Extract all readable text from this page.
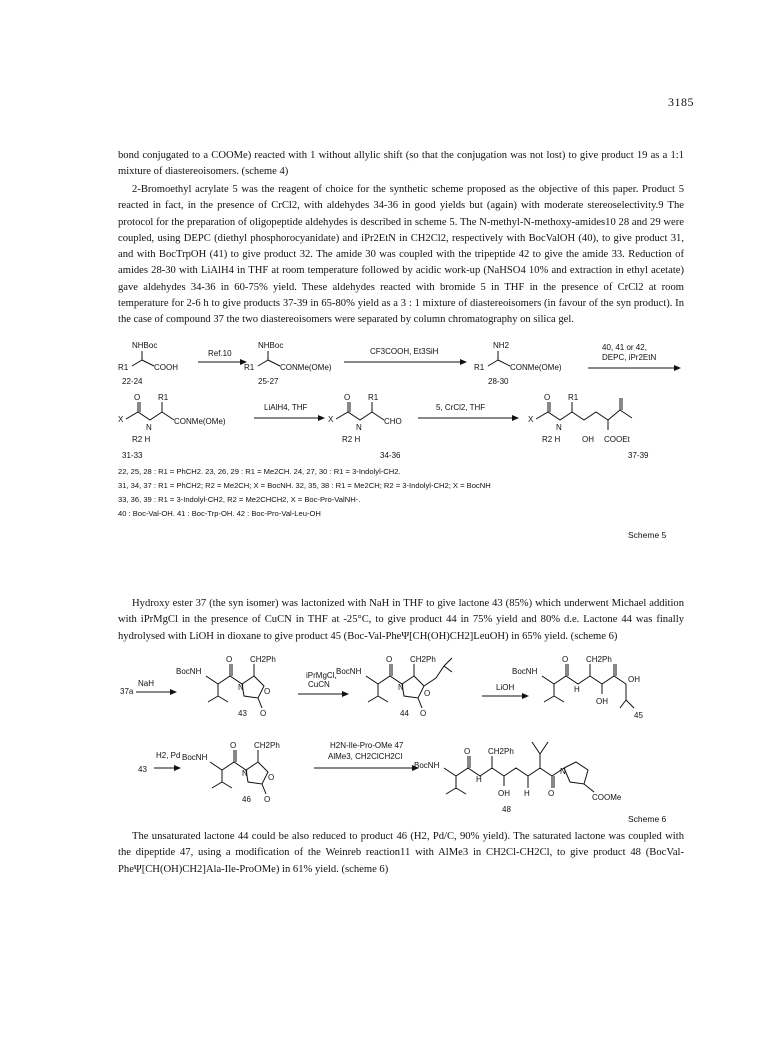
3185

bond conjugated to a COOMe) reacted with 1 without allylic shift (so that the conjugation was not lost) to give product 19 as a 1:1 mixture of diastereoisomers. (scheme 4)

2-Bromoethyl acrylate 5 was the reagent of choice for the synthetic scheme proposed as the objective of this paper. Product 5 reacted in fact, in the presence of CrCl2, with aldehydes 34-36 in good yields but (again) with moderate stereoselectivity.9 The protocol for the preparation of oligopeptide aldehydes is described in scheme 5. The N-methyl-N-methoxy-amides10 28 and 29 were coupled, using DEPC (diethyl phosphorocyanidate) and iPr2EtN in CH2Cl2, respectively with BocValOH (40), to give product 31, and with BocTrpOH (41) to give product 32. The amide 30 was coupled with the tripeptide 42 to give the amide 33. Reduction of amides 28-30 with LiAlH4 in THF at room temperature followed by acidic work-up (NaHSO4 10% and extraction in ethyl acetate) gave aldehydes 34-36 in 60-75% yield. These aldehydes reacted with bromide 5 in THF in the presence of CrCl2 at room temperature for 2-6 h to give products 37-39 in 65-80% yield as a 3 : 1 mixture of diastereoisomers (in favour of the syn product). In the case of compound 37 the two diastereoisomers were separated by column chromatography on silica gel.

NHBoc
R1	COOH
22-24
Ref.10
NHBoc
R1	CONMe(OMe)
25-27
CF3COOH, Et3SiH
NH2
R1	CONMe(OMe)
28-30
40, 41 or 42,
DEPC, iPr2EtN
X
O R1
N
CONMe(OMe)
R2 H
31-33
LiAlH4, THF
X
O R1
N
CHO
R2 H
34-36
5, CrCl2, THF
X
O R1
N
R2 H	OH COOEt
37-39
22, 25, 28 : R1 = PhCH2. 23, 26, 29 : R1 = Me2CH. 24, 27, 30 : R1 = 3-Indolyl-CH2.
31, 34, 37 : R1 = PhCH2; R2 = Me2CH; X = BocNH. 32, 35, 38 : R1 = Me2CH; R2 = 3-Indolyl-CH2; X = BocNH
33, 36, 39 : R1 = 3-Indolyl-CH2, R2 = Me2CHCH2, X = Boc-Pro-ValNH-.
40 : Boc-Val-OH. 41 : Boc-Trp-OH. 42 : Boc-Pro-Val-Leu-OH
Scheme 5

Hydroxy ester 37 (the syn isomer) was lactonized with NaH in THF to give lactone 43 (85%) which underwent Michael addition with iPrMgCl in the presence of CuCN in THF at -25°C, to give product 44 in 75% yield and 80% d.e. Lactone 44 was finally hydrolysed with LiOH in dioxane to give product 45 (Boc-Val-PheΨ[CH(OH)CH2]LeuOH) in 65% yield. (scheme 6)

37a
NaH
BocNH
O CH2Ph
N	O
O
43
iPrMgCl,
CuCN
BocNH
O CH2Ph
N
O
O
44
LiOH
BocNH
O CH2Ph
H
OH
OH
45
43
H2, Pd BocNH
O CH2Ph
N	O
O
46
H2N-Ile-Pro-OMe 47
AlMe3, CH2ClCH2Cl
BocNH
O CH2Ph
H
OH H O
N
COOMe
48
Scheme 6

The unsaturated lactone 44 could be also reduced to product 46 (H2, Pd/C, 90% yield). The saturated lactone was coupled with the dipeptide 47, using a modification of the Weinreb reaction11 with AlMe3 in CH2Cl-CH2Cl, to give product 48 (BocVal-PheΨ[CH(OH)CH2]Ala-Ile-ProOMe) in 61% yield. (scheme 6)
